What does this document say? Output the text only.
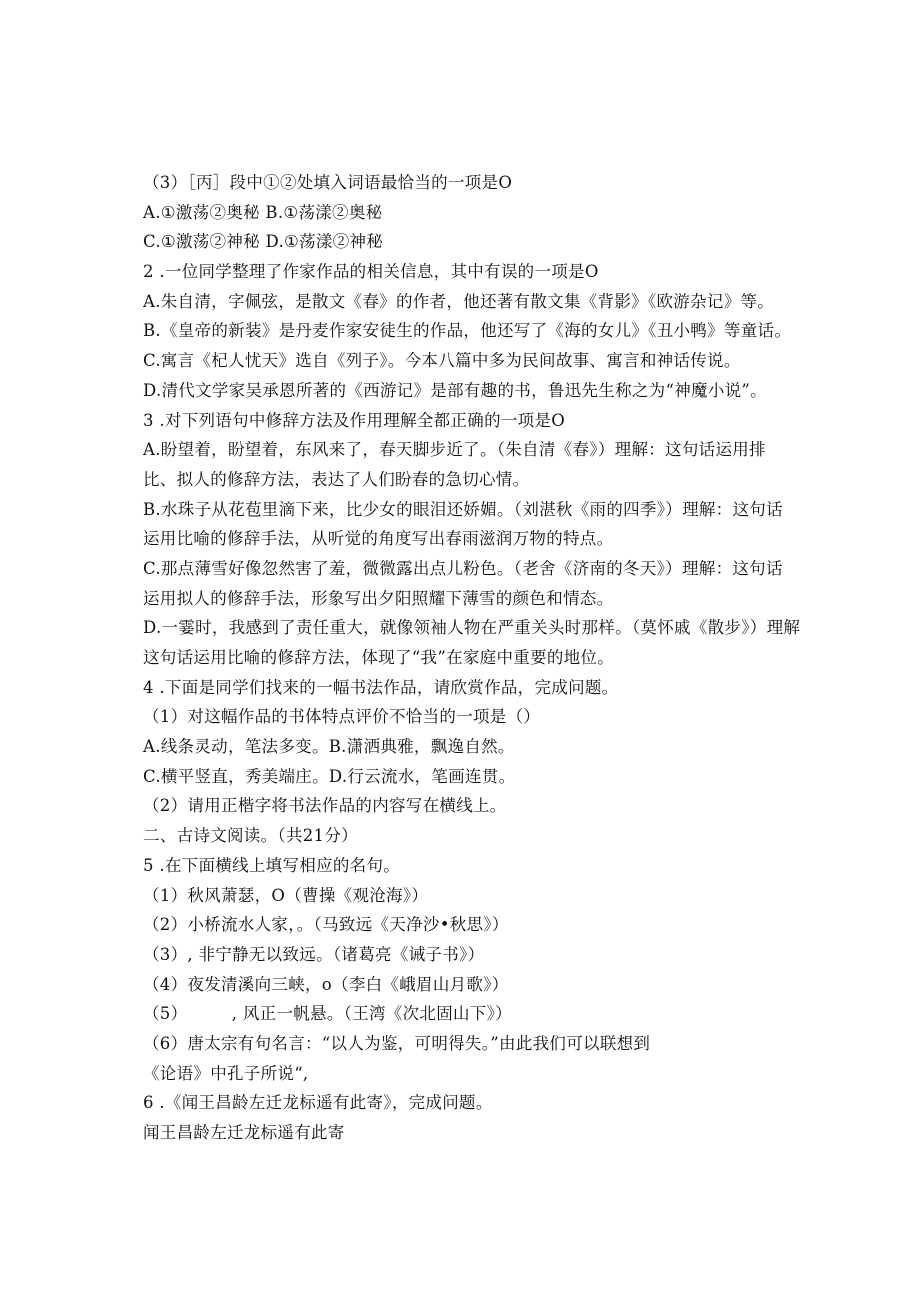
（3）［丙］段中①②处填入词语最恰当的一项是O
A.①激荡②奥秘 B.①荡漾②奥秘
C.①激荡②神秘 D.①荡漾②神秘
2 .一位同学整理了作家作品的相关信息，其中有误的一项是O
A.朱自清，字佩弦，是散文《春》的作者，他还著有散文集《背影》《欧游杂记》等。
B.《皇帝的新装》是丹麦作家安徒生的作品，他还写了《海的女儿》《丑小鸭》等童话。
C.寓言《杞人忧天》选自《列子》。今本八篇中多为民间故事、寓言和神话传说。
D.清代文学家吴承恩所著的《西游记》是部有趣的书，鲁迅先生称之为“神魔小说”。
3 .对下列语句中修辞方法及作用理解全都正确的一项是O
A.盼望着，盼望着，东风来了，春天脚步近了。（朱自清《春》）理解：这句话运用排
比、拟人的修辞方法，表达了人们盼春的急切心情。
B.水珠子从花苞里滴下来，比少女的眼泪还娇媚。（刘湛秋《雨的四季》）理解：这句话
运用比喻的修辞手法，从听觉的角度写出春雨滋润万物的特点。
C.那点薄雪好像忽然害了羞，微微露出点儿粉色。（老舍《济南的冬天》）理解：这句话
运用拟人的修辞手法，形象写出夕阳照耀下薄雪的颜色和情态。
D.一霎时，我感到了责任重大，就像领袖人物在严重关头时那样。（莫怀戚《散步》）理解
这句话运用比喻的修辞方法，体现了“我”在家庭中重要的地位。
4 .下面是同学们找来的一幅书法作品，请欣赏作品，完成问题。
（1）对这幅作品的书体特点评价不恰当的一项是（）
A.线条灵动，笔法多变。B.潇洒典雅，飘逸自然。
C.横平竖直，秀美端庄。D.行云流水，笔画连贯。
（2）请用正楷字将书法作品的内容写在横线上。
二、古诗文阅读。（共21分）
5 .在下面横线上填写相应的名句。
（1）秋风萧瑟，O（曹操《观沧海》）
（2）小桥流水人家，。（马致远《天净沙•秋思》）
（3）, 非宁静无以致远。（诸葛亮《诫子书》）
（4）夜发清溪向三峡，o（李白《峨眉山月歌》）
（5）        , 风正一帆悬。（王湾《次北固山下》）
（6）唐太宗有句名言：“以人为鉴，可明得失。”由此我们可以联想到
《论语》中孔子所说“,
6 .《闻王昌龄左迁龙标遥有此寄》，完成问题。
闻王昌龄左迁龙标遥有此寄
